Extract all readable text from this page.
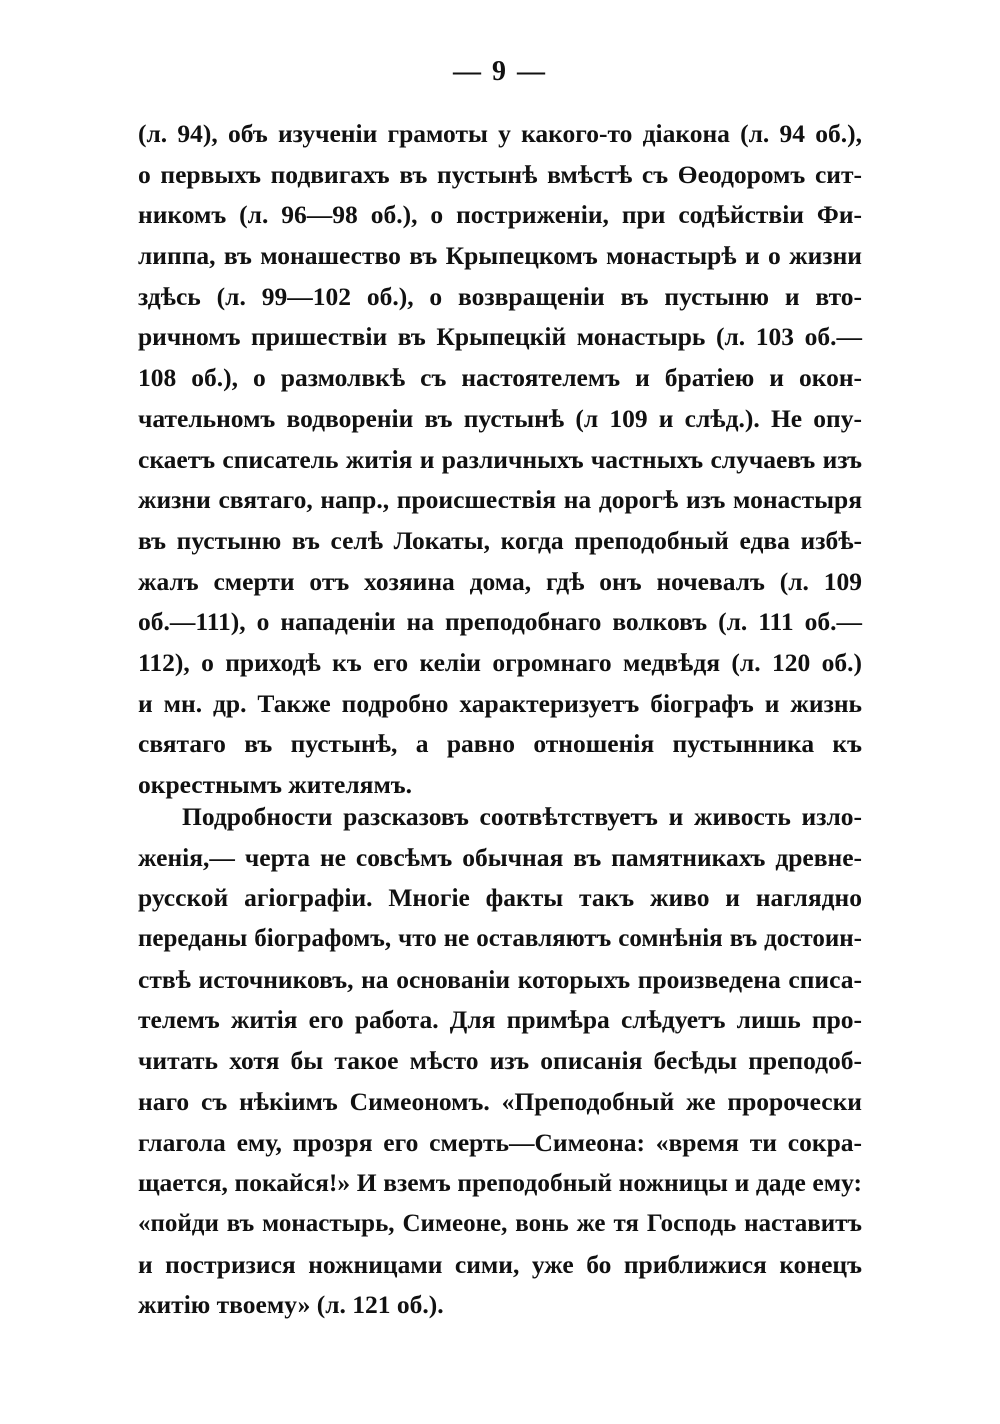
— 9 —
(л. 94), объ изученіи грамоты у какого-то діакона (л. 94 об.),
о первыхъ подвигахъ въ пустынѣ вмѣстѣ съ Өеодоромъ сит-
никомъ (л. 96—98 об.), о постриженіи, при содѣйствіи Фи-
липпа, въ монашество въ Крыпецкомъ монастырѣ и о жизни
здѣсь (л. 99—102 об.), о возвращеніи въ пустыню и вто-
ричномъ пришествіи въ Крыпецкій монастырь (л. 103 об.—
108 об.), о размолвкѣ съ настоятелемъ и братіею и окон-
чательномъ водвореніи въ пустынѣ (л 109 и слѣд.). Не опу-
скаетъ списатель житія и различныхъ частныхъ случаевъ изъ
жизни святаго, напр., происшествія на дорогѣ изъ монастыря
въ пустыню въ селѣ Локаты, когда преподобный едва избѣ-
жалъ смерти отъ хозяина дома, гдѣ онъ ночевалъ (л. 109
об.—111), о нападеніи на преподобнаго волковъ (л. 111 об.—
112), о приходѣ къ его келіи огромнаго медвѣдя (л. 120 об.)
и мн. др. Также подробно характеризуетъ біографъ и жизнь
святаго въ пустынѣ, а равно отношенія пустынника къ
окрестнымъ жителямъ.
Подробности разсказовъ соотвѣтствуетъ и живость изло-
женія,— черта не совсѣмъ обычная въ памятникахъ древне-
русской агіографіи. Многіе факты такъ живо и наглядно
переданы біографомъ, что не оставляютъ сомнѣнія въ достоин-
ствѣ источниковъ, на основаніи которыхъ произведена списа-
телемъ житія его работа. Для примѣра слѣдуетъ лишь про-
читать хотя бы такое мѣсто изъ описанія бесѣды преподоб-
наго съ нѣкіимъ Симеономъ. «Преподобный же пророчески
глагола ему, прозря его смерть—Симеона: «время ти сокра-
щается, покайся!» И вземъ преподобный ножницы и даде ему:
«пойди въ монастырь, Симеоне, вонь же тя Господь наставитъ
и постризися ножницами сими, уже бо приближися конецъ
житію твоему» (л. 121 об.).
